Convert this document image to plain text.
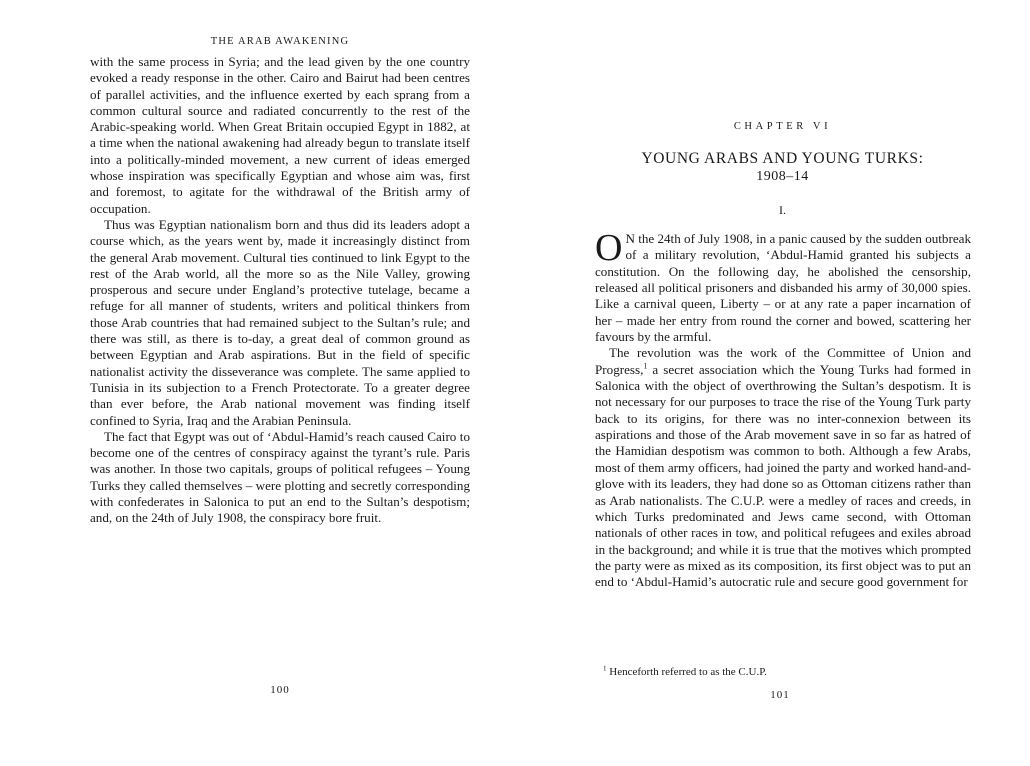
THE ARAB AWAKENING

with the same process in Syria; and the lead given by the one country evoked a ready response in the other. Cairo and Bairut had been centres of parallel activities, and the influence exerted by each sprang from a common cultural source and radiated concurrently to the rest of the Arabic-speaking world. When Great Britain occupied Egypt in 1882, at a time when the national awakening had already begun to translate itself into a politically-minded movement, a new current of ideas emerged whose inspiration was specifically Egyptian and whose aim was, first and foremost, to agitate for the withdrawal of the British army of occupation.

Thus was Egyptian nationalism born and thus did its leaders adopt a course which, as the years went by, made it increasingly distinct from the general Arab movement. Cultural ties continued to link Egypt to the rest of the Arab world, all the more so as the Nile Valley, growing prosperous and secure under England’s protective tutelage, became a refuge for all manner of students, writers and political thinkers from those Arab countries that had remained subject to the Sultan’s rule; and there was still, as there is to-day, a great deal of common ground as between Egyptian and Arab aspirations. But in the field of specific nationalist activity the disseverance was complete. The same applied to Tunisia in its subjection to a French Protectorate. To a greater degree than ever before, the Arab national movement was finding itself confined to Syria, Iraq and the Arabian Peninsula.

The fact that Egypt was out of ‘Abdul-Hamid’s reach caused Cairo to become one of the centres of conspiracy against the tyrant’s rule. Paris was another. In those two capitals, groups of political refugees – Young Turks they called themselves – were plotting and secretly corresponding with confederates in Salonica to put an end to the Sultan’s despotism; and, on the 24th of July 1908, the conspiracy bore fruit.

100
CHAPTER VI
YOUNG ARABS AND YOUNG TURKS:
1908–14
I.

O N the 24th of July 1908, in a panic caused by the sudden outbreak of a military revolution, ‘Abdul-Hamid granted his subjects a constitution. On the following day, he abolished the censorship, released all political prisoners and disbanded his army of 30,000 spies. Like a carnival queen, Liberty – or at any rate a paper incarnation of her – made her entry from round the corner and bowed, scattering her favours by the armful.

The revolution was the work of the Committee of Union and Progress,$^1$ a secret association which the Young Turks had formed in Salonica with the object of overthrowing the Sultan’s despotism. It is not necessary for our purposes to trace the rise of the Young Turk party back to its origins, for there was no inter-connexion between its aspirations and those of the Arab movement save in so far as hatred of the Hamidian despotism was common to both. Although a few Arabs, most of them army officers, had joined the party and worked hand-and-glove with its leaders, they had done so as Ottoman citizens rather than as Arab nationalists. The C.U.P. were a medley of races and creeds, in which Turks predominated and Jews came second, with Ottoman nationals of other races in tow, and political refugees and exiles abroad in the background; and while it is true that the motives which prompted the party were as mixed as its composition, its first object was to put an end to ‘Abdul-Hamid’s autocratic rule and secure good government for

$^1$ Henceforth referred to as the C.U.P.
101
